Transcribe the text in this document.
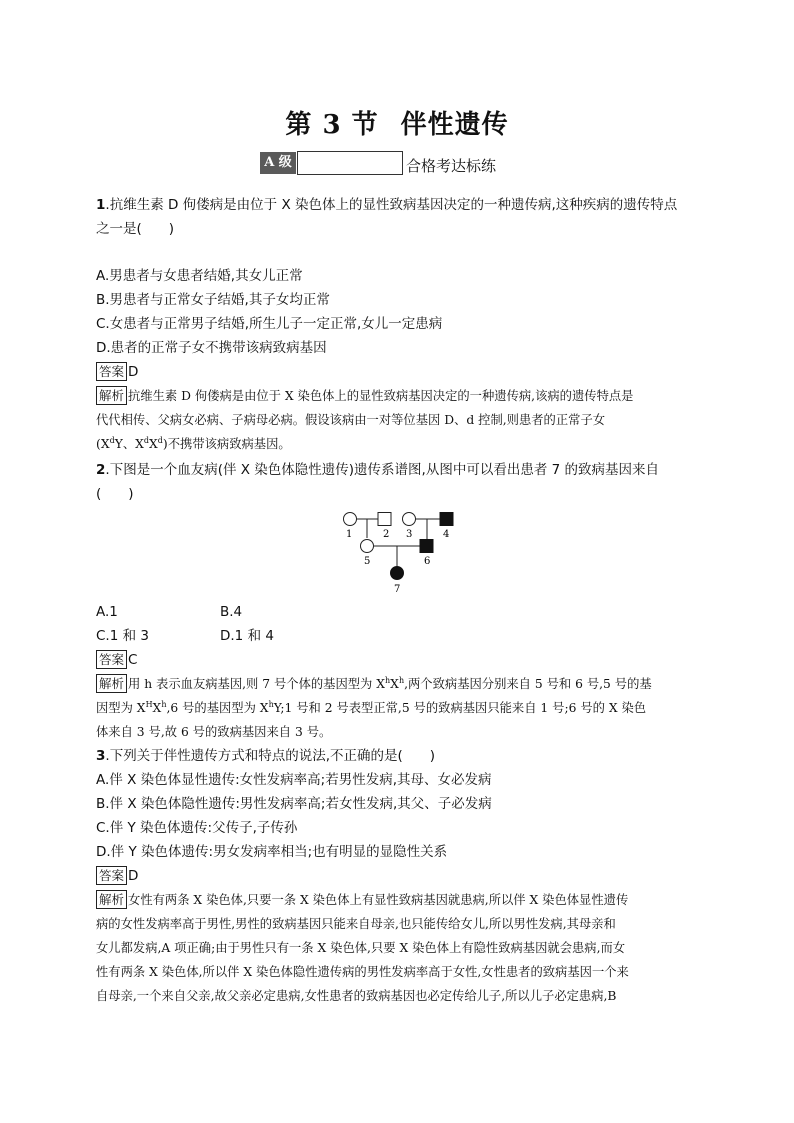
第 3 节 伴性遗传
A 级	合格考达标练
1.抗维生素 D 佝偻病是由位于 X 染色体上的显性致病基因决定的一种遗传病,这种疾病的遗传特点
之一是(　　)
A.男患者与女患者结婚,其女儿正常
B.男患者与正常女子结婚,其子女均正常
C.女患者与正常男子结婚,所生儿子一定正常,女儿一定患病
D.患者的正常子女不携带该病致病基因
答案 D
解析 抗维生素 D 佝偻病是由位于 X 染色体上的显性致病基因决定的一种遗传病,该病的遗传特点是
代代相传、父病女必病、子病母必病。假设该病由一对等位基因 D、d 控制,则患者的正常子女
($X^dY$、$X^dX^d$)不携带该病致病基因。
2.下图是一个血友病(伴 X 染色体隐性遗传)遗传系谱图,从图中可以看出患者 7 的致病基因来自
(　　)
1	2 3	4
5	6
7
A.1	B.4
C.1 和 3	D.1 和 4
答案 C
解析 用 h 表示血友病基因,则 7 号个体的基因型为 $X^hX^h$,两个致病基因分别来自 5 号和 6 号,5 号的基
因型为 $X^HX^h,6$ 号的基因型为 $X^hY;1$ 号和 2 号表型正常,5 号的致病基因只能来自 1 号;6 号的 X 染色
体来自 3 号,故 6 号的致病基因来自 3 号。
3.下列关于伴性遗传方式和特点的说法,不正确的是(　　)
A.伴 X 染色体显性遗传:女性发病率高;若男性发病,其母、女必发病
B.伴 X 染色体隐性遗传:男性发病率高;若女性发病,其父、子必发病
C.伴 Y 染色体遗传:父传子,子传孙
D.伴 Y 染色体遗传:男女发病率相当;也有明显的显隐性关系
答案 D
解析 女性有两条 X 染色体,只要一条 X 染色体上有显性致病基因就患病,所以伴 X 染色体显性遗传
病的女性发病率高于男性,男性的致病基因只能来自母亲,也只能传给女儿,所以男性发病,其母亲和
女儿都发病,A 项正确;由于男性只有一条 X 染色体,只要 X 染色体上有隐性致病基因就会患病,而女
性有两条 X 染色体,所以伴 X 染色体隐性遗传病的男性发病率高于女性,女性患者的致病基因一个来
自母亲,一个来自父亲,故父亲必定患病,女性患者的致病基因也必定传给儿子,所以儿子必定患病,B
